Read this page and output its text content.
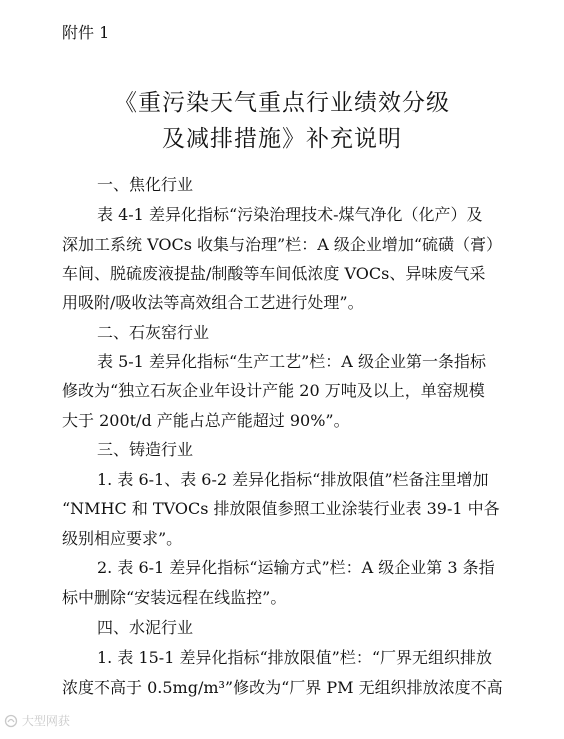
附件 1
《重污染天气重点行业绩效分级
及减排措施》补充说明
一、焦化行业
表 4-1 差异化指标“污染治理技术-煤气净化（化产）及
深加工系统 VOCs 收集与治理”栏：A 级企业增加“硫磺（膏）
车间、脱硫废液提盐/制酸等车间低浓度 VOCs、异味废气采
用吸附/吸收法等高效组合工艺进行处理”。
二、石灰窑行业
表 5-1 差异化指标“生产工艺”栏：A 级企业第一条指标
修改为“独立石灰企业年设计产能 20 万吨及以上，单窑规模
大于 200t/d 产能占总产能超过 90%”。
三、铸造行业
1. 表 6-1、表 6-2 差异化指标“排放限值”栏备注里增加
“NMHC 和 TVOCs 排放限值参照工业涂装行业表 39-1 中各
级别相应要求”。
2. 表 6-1 差异化指标“运输方式”栏：A 级企业第 3 条指
标中删除“安装远程在线监控”。
四、水泥行业
1. 表 15-1 差异化指标“排放限值”栏：“厂界无组织排放
浓度不高于 0.5mg/m³”修改为“厂界 PM 无组织排放浓度不高
大型网获
